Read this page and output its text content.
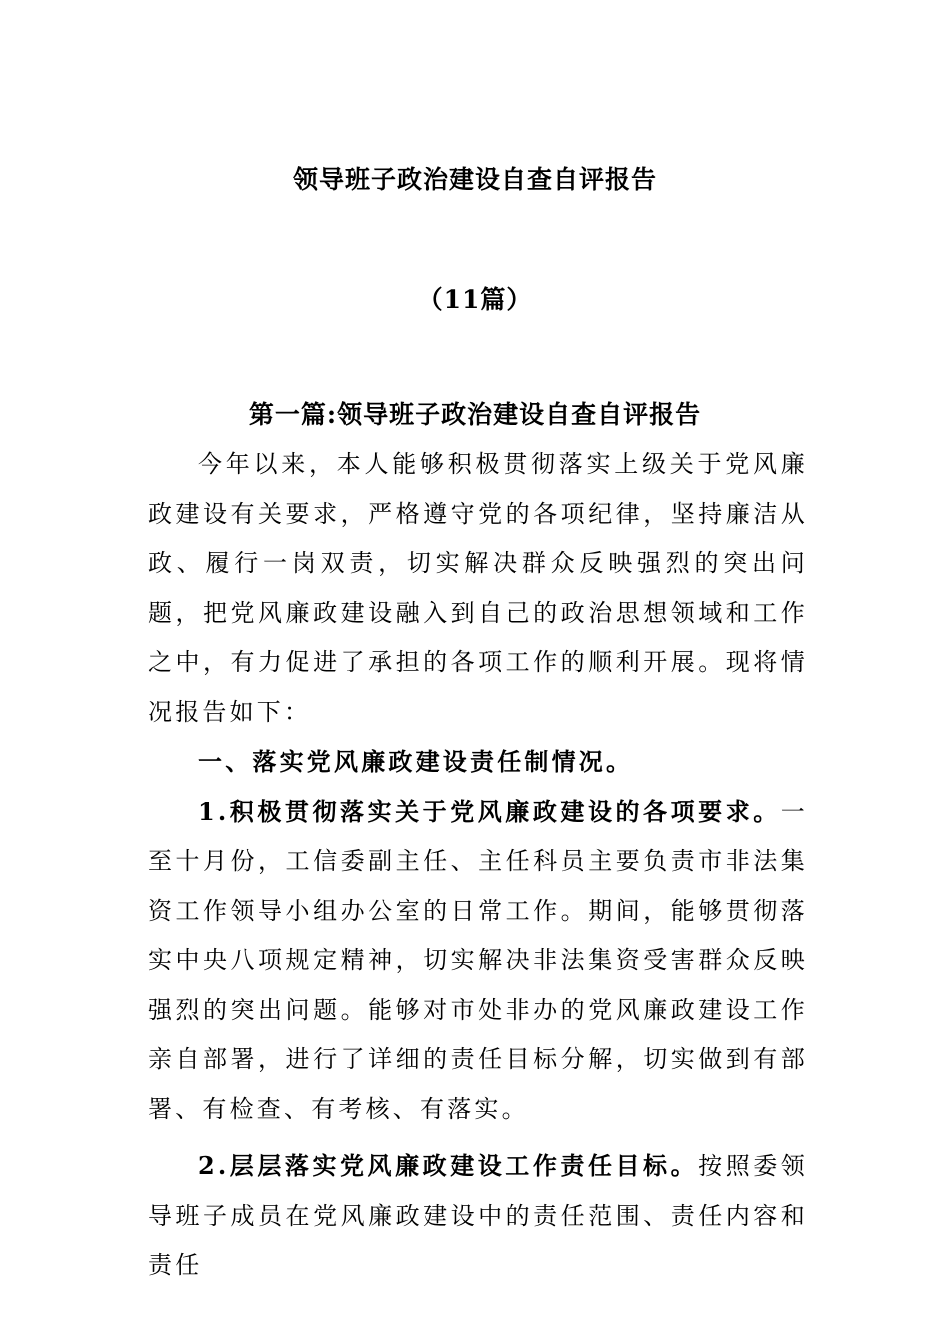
领导班子政治建设自查自评报告
（11篇）
第一篇:领导班子政治建设自查自评报告

今年以来，本人能够积极贯彻落实上级关于党风廉政建设有关要求，严格遵守党的各项纪律，坚持廉洁从政、履行一岗双责，切实解决群众反映强烈的突出问题，把党风廉政建设融入到自己的政治思想领域和工作之中，有力促进了承担的各项工作的顺利开展。现将情况报告如下：

一、落实党风廉政建设责任制情况。

1.积极贯彻落实关于党风廉政建设的各项要求。一至十月份，工信委副主任、主任科员主要负责市非法集资工作领导小组办公室的日常工作。期间，能够贯彻落实中央八项规定精神，切实解决非法集资受害群众反映强烈的突出问题。能够对市处非办的党风廉政建设工作亲自部署，进行了详细的责任目标分解，切实做到有部署、有检查、有考核、有落实。

2.层层落实党风廉政建设工作责任目标。按照委领导班子成员在党风廉政建设中的责任范围、责任内容和责任
